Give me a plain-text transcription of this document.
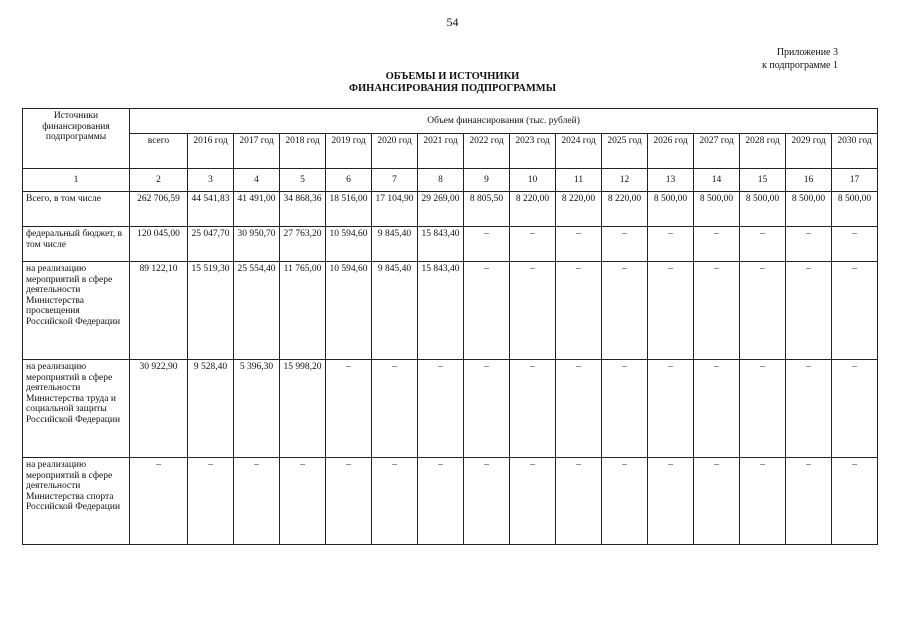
54
Приложение 3
к подпрограмме 1
ОБЪЕМЫ И ИСТОЧНИКИ
ФИНАНСИРОВАНИЯ ПОДПРОГРАММЫ
Источники финансирования подпрограммы	Объем финансирования (тыс. рублей)															
	всего	2016 год	2017 год	2018 год	2019 год	2020 год	2021 год	2022 год	2023 год	2024 год	2025 год	2026 год	2027 год	2028 год	2029 год	2030 год
1	2	3	4	5	6	7	8	9	10	11	12	13	14	15	16	17
Всего, в том числе	262 706,59	44 541,83	41 491,00	34 868,36	18 516,00	17 104,90	29 269,00	8 805,50	8 220,00	8 220,00	8 220,00	8 500,00	8 500,00	8 500,00	8 500,00	8 500,00
федеральный бюджет, в том числе	120 045,00	25 047,70	30 950,70	27 763,20	10 594,60	9 845,40	15 843,40	–	–	–	–	–	–	–	–	–
на реализацию мероприятий в сфере деятельности Министерства просвещения Российской Федерации	89 122,10	15 519,30	25 554,40	11 765,00	10 594,60	9 845,40	15 843,40	–	–	–	–	–	–	–	–	–
на реализацию мероприятий в сфере деятельности Министерства труда и социальной защиты Российской Федерации	30 922,90	9 528,40	5 396,30	15 998,20	–	–	–	–	–	–	–	–	–	–	–	–
на реализацию мероприятий в сфере деятельности Министерства спорта Российской Федерации	–	–	–	–	–	–	–	–	–	–	–	–	–	–	–	–
